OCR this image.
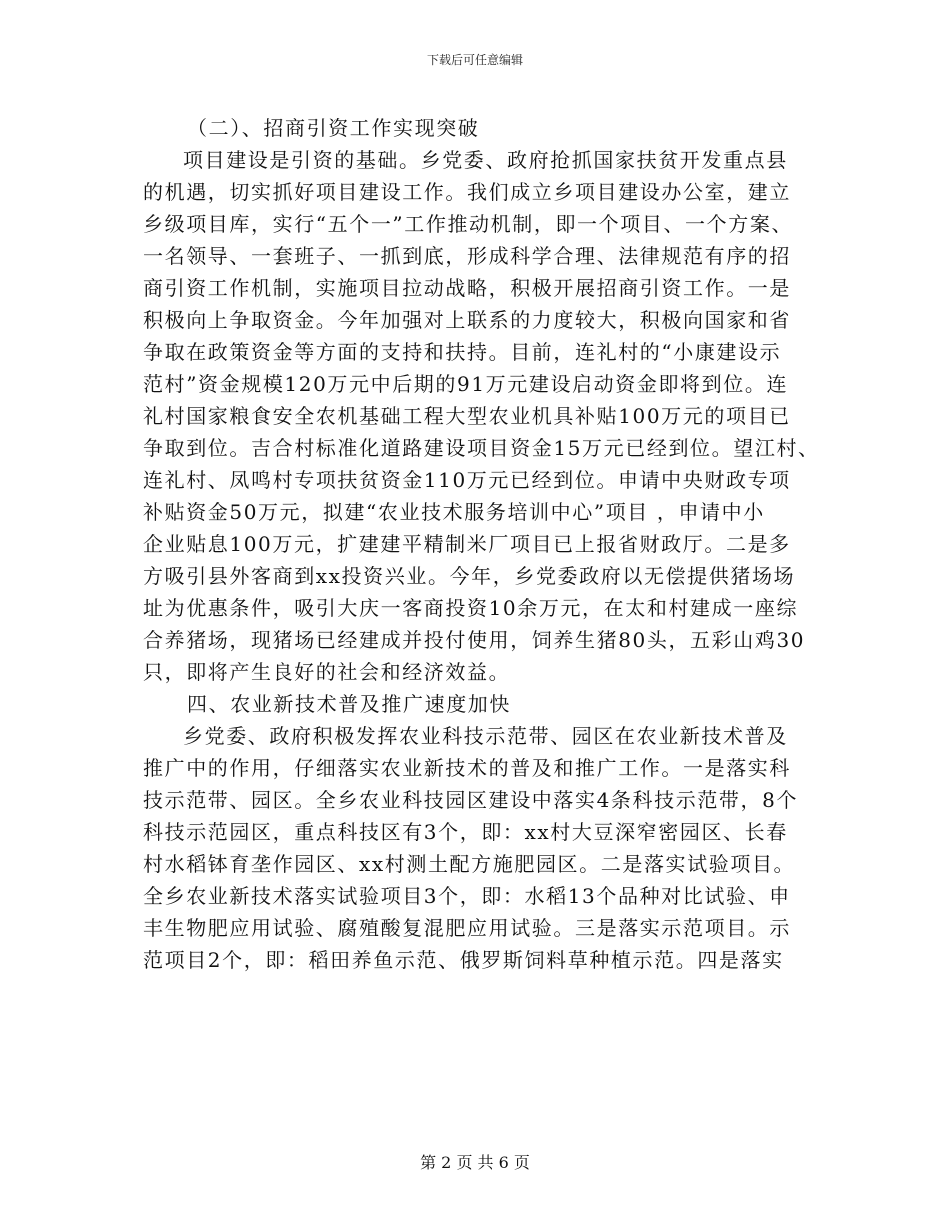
下载后可任意编辑
（二）、招商引资工作实现突破
项目建设是引资的基础。乡党委、政府抢抓国家扶贫开发重点县
的机遇，切实抓好项目建设工作。我们成立乡项目建设办公室，建立
乡级项目库，实行“五个一”工作推动机制，即一个项目、一个方案、
一名领导、一套班子、一抓到底，形成科学合理、法律规范有序的招
商引资工作机制，实施项目拉动战略，积极开展招商引资工作。一是
积极向上争取资金。今年加强对上联系的力度较大，积极向国家和省
争取在政策资金等方面的支持和扶持。目前，连礼村的“小康建设示
范村”资金规模120万元中后期的91万元建设启动资金即将到位。连
礼村国家粮食安全农机基础工程大型农业机具补贴100万元的项目已
争取到位。吉合村标准化道路建设项目资金15万元已经到位。望江村、
连礼村、凤鸣村专项扶贫资金110万元已经到位。申请中央财政专项
补贴资金50万元，拟建“农业技术服务培训中心”项目 ，申请中小
企业贴息100万元，扩建建平精制米厂项目已上报省财政厅。二是多
方吸引县外客商到xx投资兴业。今年，乡党委政府以无偿提供猪场场
址为优惠条件，吸引大庆一客商投资10余万元，在太和村建成一座综
合养猪场，现猪场已经建成并投付使用，饲养生猪80头，五彩山鸡30
只，即将产生良好的社会和经济效益。
四、农业新技术普及推广速度加快
乡党委、政府积极发挥农业科技示范带、园区在农业新技术普及
推广中的作用，仔细落实农业新技术的普及和推广工作。一是落实科
技示范带、园区。全乡农业科技园区建设中落实4条科技示范带，8个
科技示范园区，重点科技区有3个，即：xx村大豆深窄密园区、长春
村水稻钵育垄作园区、xx村测土配方施肥园区。二是落实试验项目。
全乡农业新技术落实试验项目3个，即：水稻13个品种对比试验、申
丰生物肥应用试验、腐殖酸复混肥应用试验。三是落实示范项目。示
范项目2个，即：稻田养鱼示范、俄罗斯饲料草种植示范。四是落实
第 2 页 共 6 页
